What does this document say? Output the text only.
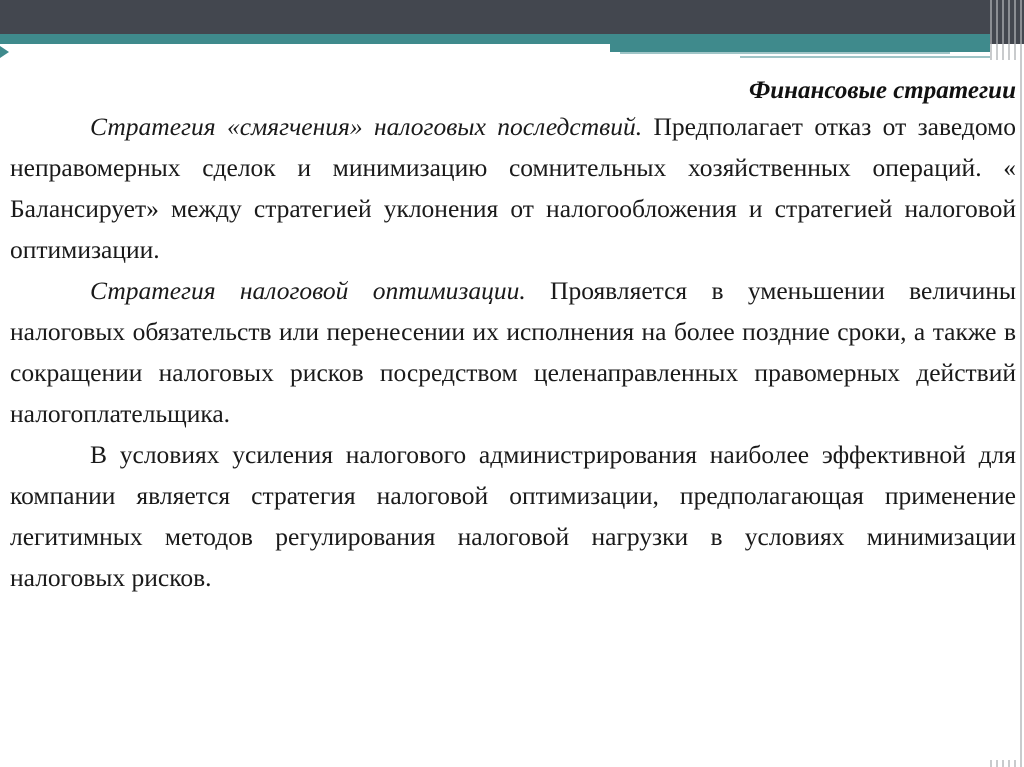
Финансовые стратегии

Стратегия «смягчения» налоговых последствий. Предполагает отказ от заведомо неправомерных сделок и минимизацию сомнительных хозяйственных операций. « Балансирует» между стратегией уклонения от налогообложения и стратегией налоговой оптимизации.

Стратегия налоговой оптимизации. Проявляется в уменьшении величины налоговых обязательств или перенесении их исполнения на более поздние сроки, а также в сокращении налоговых рисков посредством целенаправленных правомерных действий налогоплательщика.

В условиях усиления налогового администрирования наиболее эффективной для компании является стратегия налоговой оптимизации, предполагающая применение легитимных методов регулирования налоговой нагрузки в условиях минимизации налоговых рисков.
